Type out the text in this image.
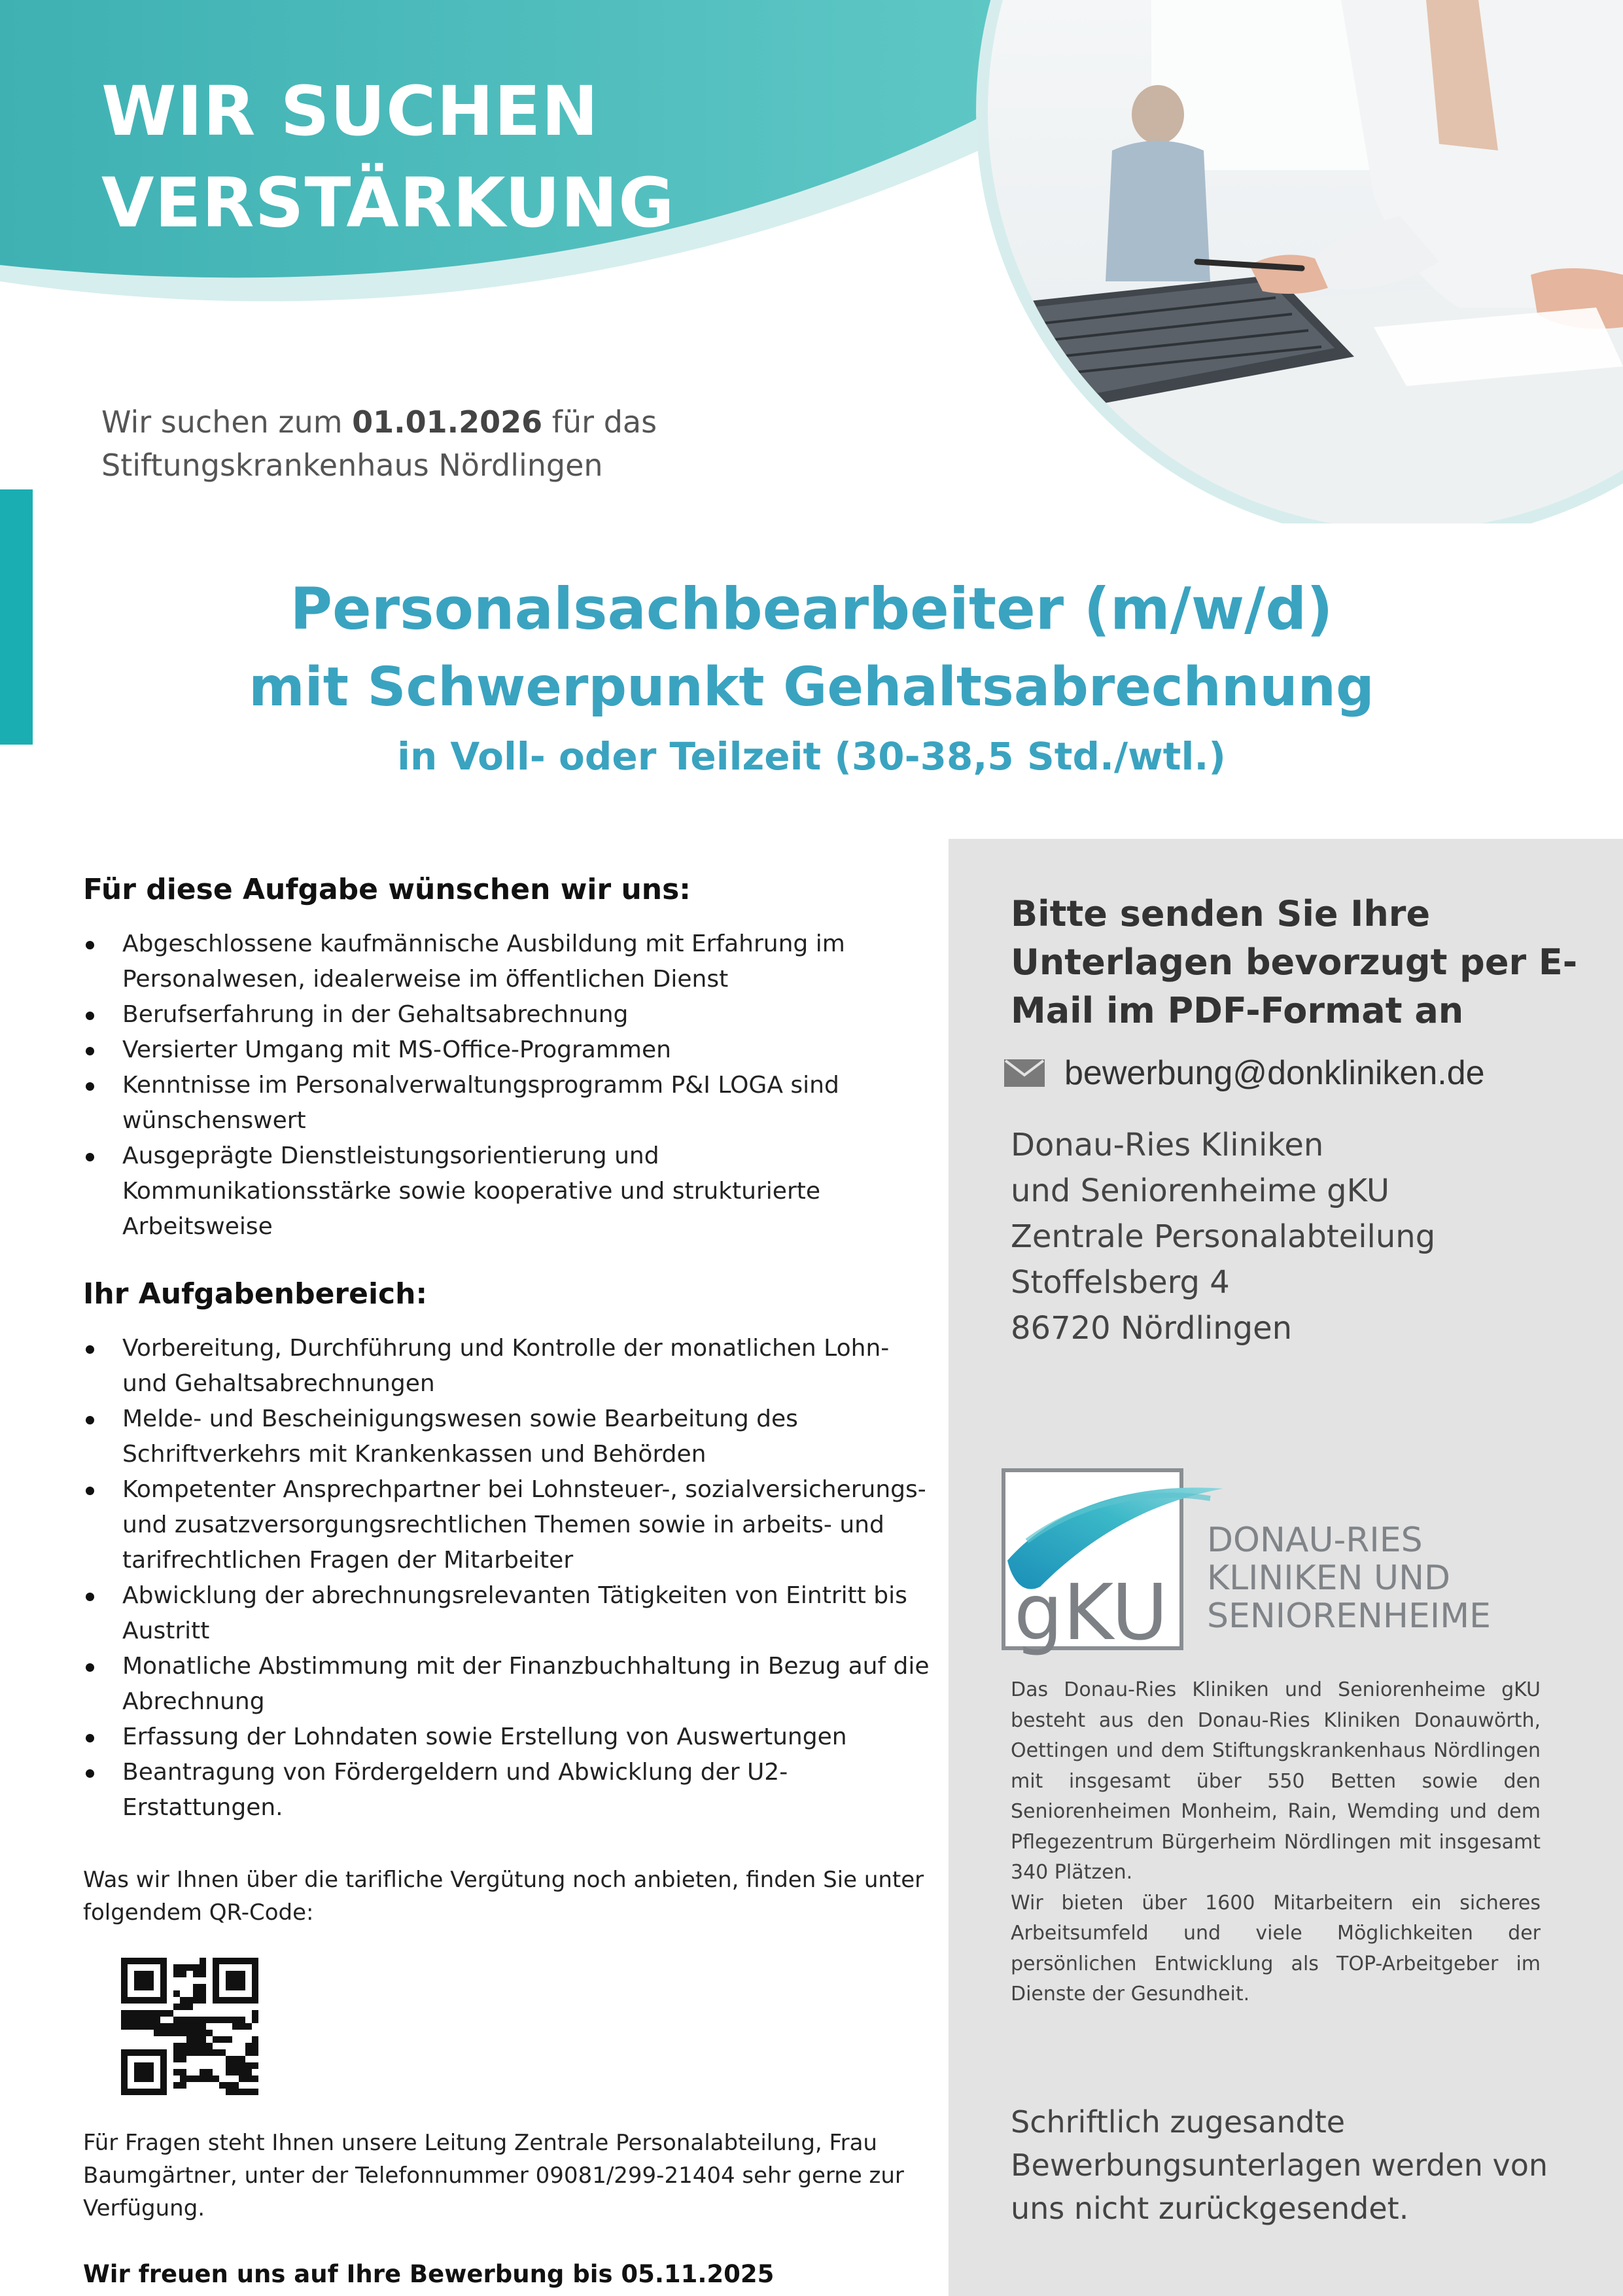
WIR SUCHEN
VERSTÄRKUNG
Wir suchen zum 01.01.2026 für das
Stiftungskrankenhaus Nördlingen
Personalsachbearbeiter (m/w/d)
mit Schwerpunkt Gehaltsabrechnung
in Voll- oder Teilzeit (30-38,5 Std./wtl.)
Für diese Aufgabe wünschen wir uns:
Abgeschlossene kaufmännische Ausbildung mit Erfahrung im Personalwesen, idealerweise im öffentlichen Dienst
Berufserfahrung in der Gehaltsabrechnung
Versierter Umgang mit MS-Office-Programmen
Kenntnisse im Personalverwaltungsprogramm P&I LOGA sind wünschenswert
Ausgeprägte Dienstleistungsorientierung und Kommunikationsstärke sowie kooperative und strukturierte Arbeitsweise
Ihr Aufgabenbereich:
Vorbereitung, Durchführung und Kontrolle der monatlichen Lohn- und Gehaltsabrechnungen
Melde- und Bescheinigungswesen sowie Bearbeitung des Schriftverkehrs mit Krankenkassen und Behörden
Kompetenter Ansprechpartner bei Lohnsteuer-, sozialversicherungs- und zusatzversorgungsrechtlichen Themen sowie in arbeits- und tarifrechtlichen Fragen der Mitarbeiter
Abwicklung der abrechnungsrelevanten Tätigkeiten von Eintritt bis Austritt
Monatliche Abstimmung mit der Finanzbuchhaltung in Bezug auf die Abrechnung
Erfassung der Lohndaten sowie Erstellung von Auswertungen
Beantragung von Fördergeldern und Abwicklung der U2-Erstattungen.
Was wir Ihnen über die tarifliche Vergütung noch anbieten, finden Sie unter folgendem QR-Code:
Für Fragen steht Ihnen unsere Leitung Zentrale Personalabteilung, Frau Baumgärtner, unter der Telefonnummer 09081/299-21404 sehr gerne zur Verfügung.
Wir freuen uns auf Ihre Bewerbung bis 05.11.2025
Bitte senden Sie Ihre Unterlagen bevorzugt per E-Mail im PDF-Format an
bewerbung@donkliniken.de
Donau-Ries Kliniken
und Seniorenheime gKU
Zentrale Personalabteilung
Stoffelsberg 4
86720 Nördlingen
gKU
DONAU-RIES
KLINIKEN UND
SENIORENHEIME

Das Donau-Ries Kliniken und Seniorenheime gKU besteht aus den Donau-Ries Kliniken Donauwörth, Oettingen und dem Stiftungskrankenhaus Nördlingen mit insgesamt über 550 Betten sowie den Seniorenheimen Monheim, Rain, Wemding und dem Pflegezentrum Bürgerheim Nördlingen mit insgesamt 340 Plätzen.

Wir bieten über 1600 Mitarbeitern ein sicheres Arbeitsumfeld und viele Möglichkeiten der persönlichen Entwicklung als TOP-Arbeitgeber im Dienste der Gesundheit.

Schriftlich zugesandte Bewerbungsunterlagen werden von uns nicht zurückgesendet.
